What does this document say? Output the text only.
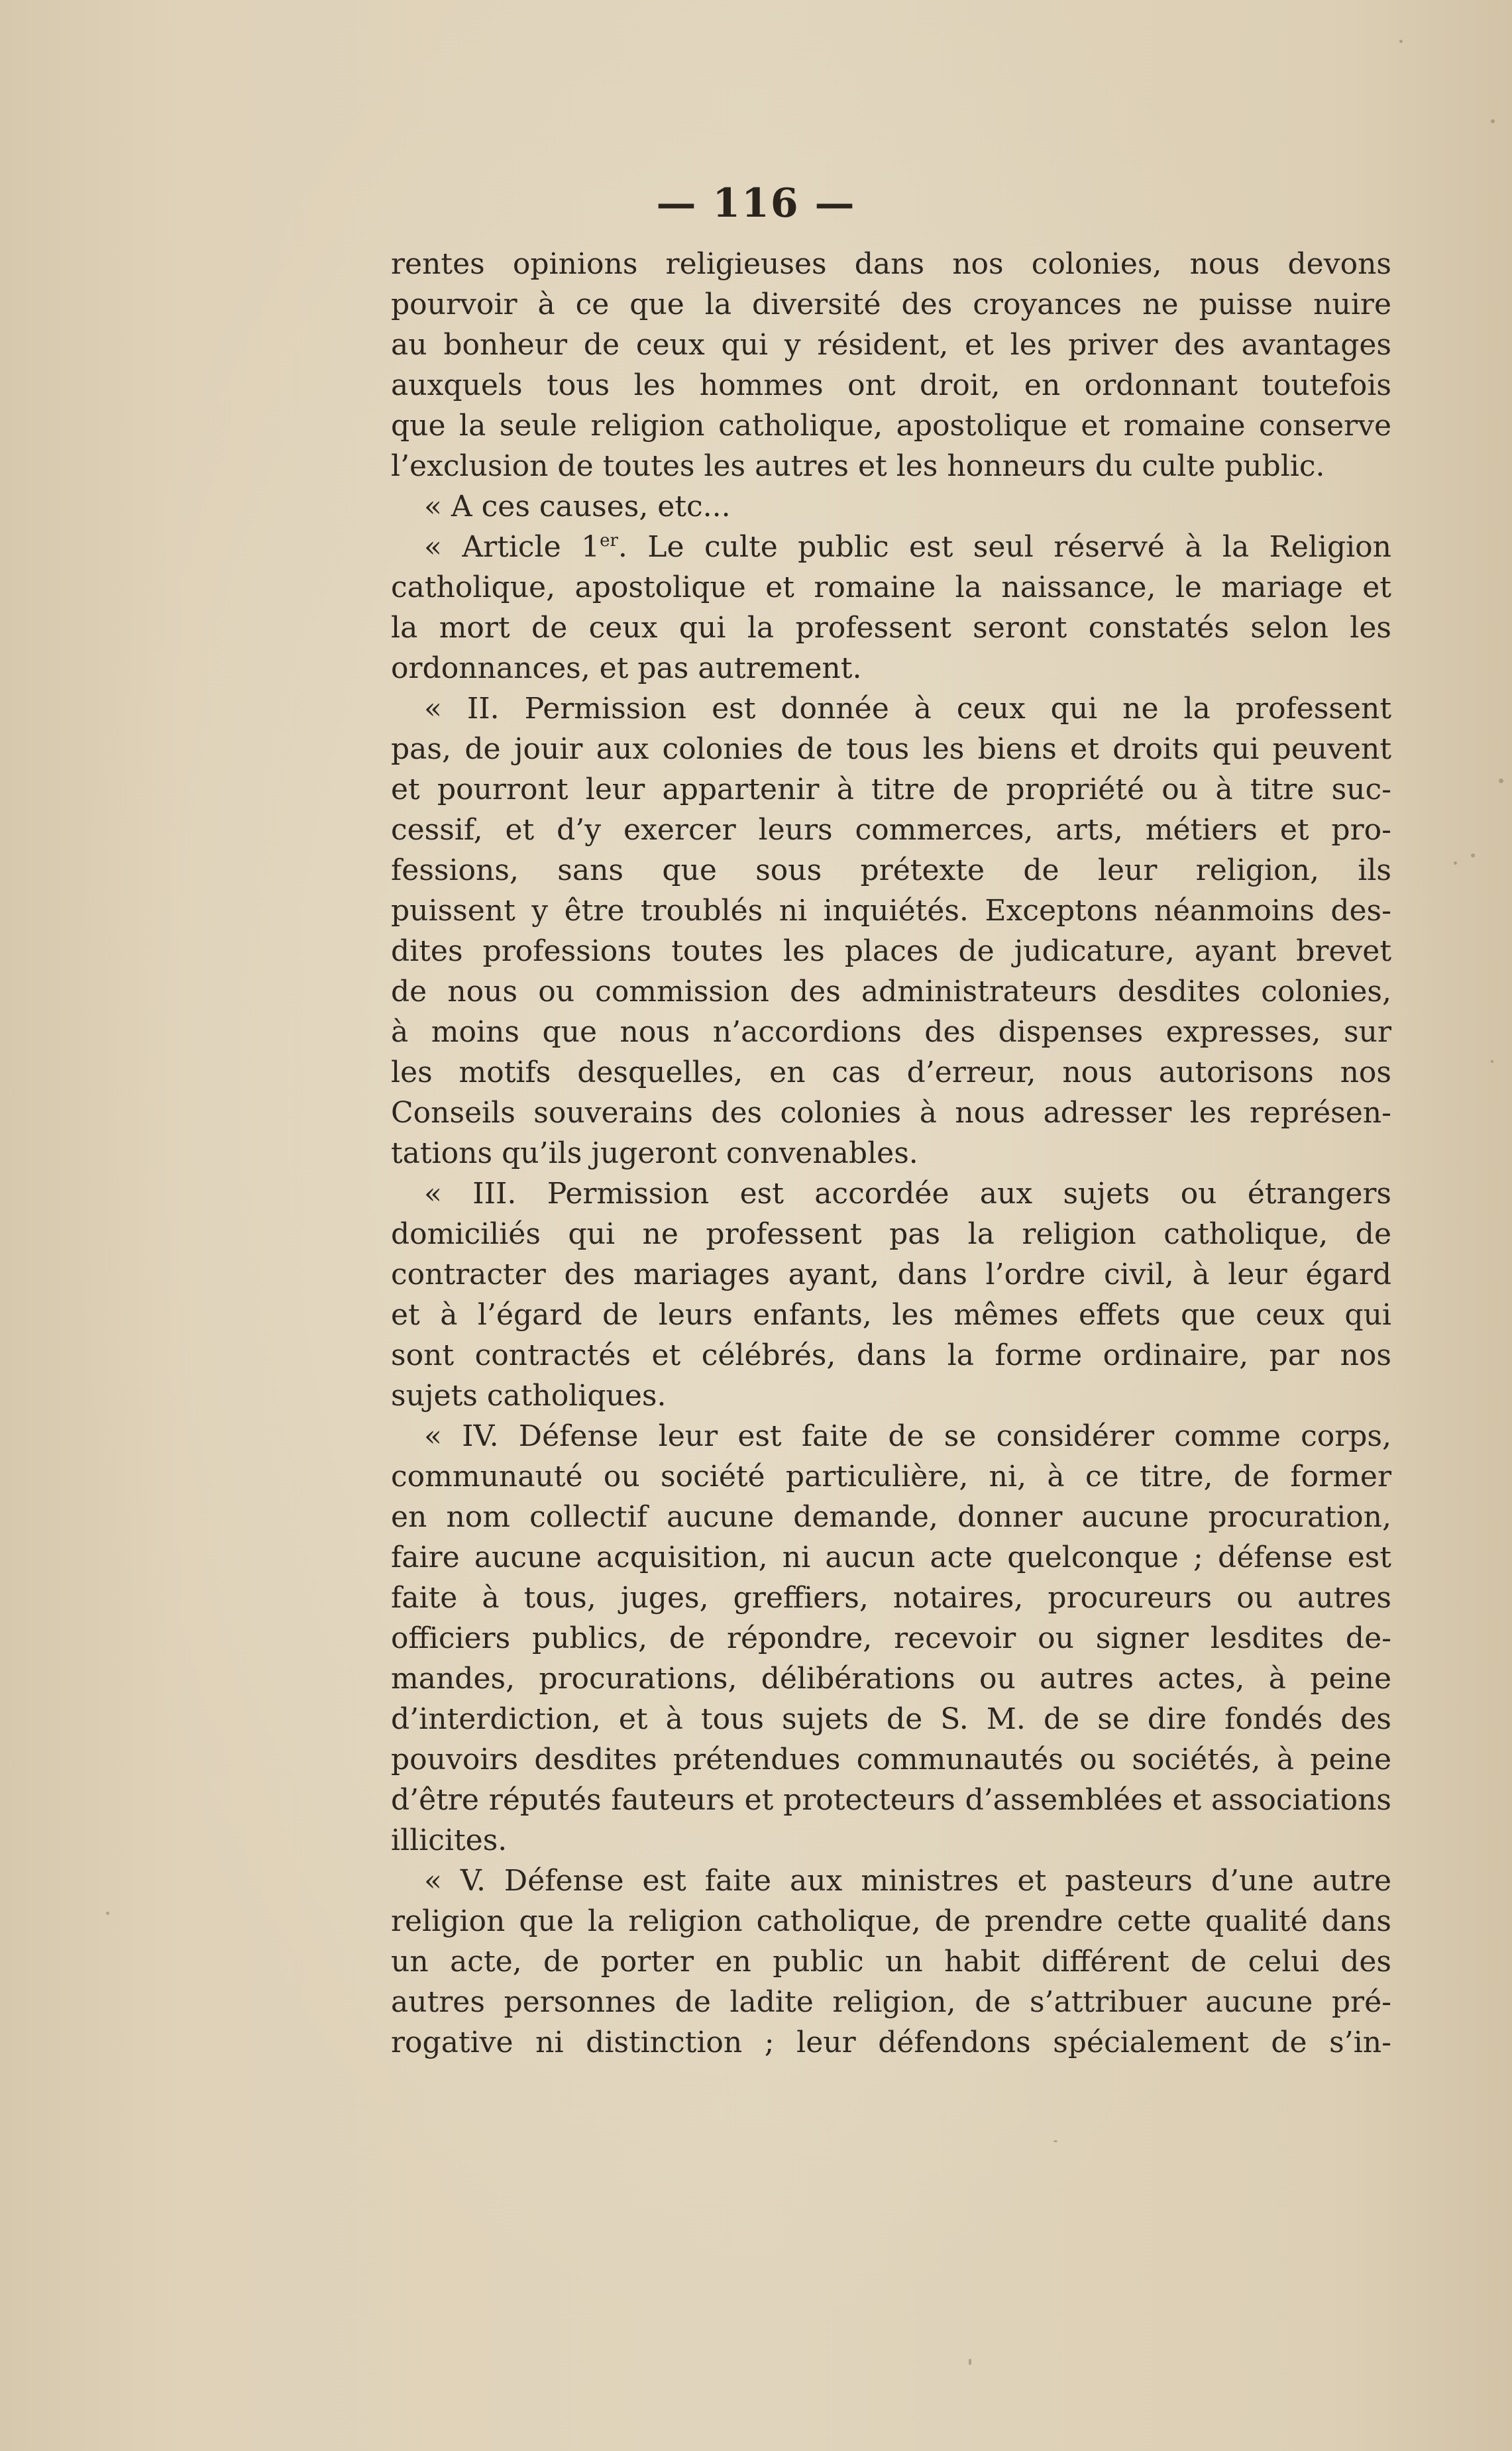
— 116 —
rentes opinions religieuses dans nos colonies, nous devons
pourvoir à ce que la diversité des croyances ne puisse nuire
au bonheur de ceux qui y résident, et les priver des avantages
auxquels tous les hommes ont droit, en ordonnant toutefois
que la seule religion catholique, apostolique et romaine conserve
l’exclusion de toutes les autres et les honneurs du culte public.
« A ces causes, etc...
« Article 1er. Le culte public est seul réservé à la Religion
catholique, apostolique et romaine la naissance, le mariage et
la mort de ceux qui la professent seront constatés selon les
ordonnances, et pas autrement.
« II. Permission est donnée à ceux qui ne la professent
pas, de jouir aux colonies de tous les biens et droits qui peuvent
et pourront leur appartenir à titre de propriété ou à titre suc-
cessif, et d’y exercer leurs commerces, arts, métiers et pro-
fessions, sans que sous prétexte de leur religion, ils
puissent y être troublés ni inquiétés. Exceptons néanmoins des-
dites professions toutes les places de judicature, ayant brevet
de nous ou commission des administrateurs desdites colonies,
à moins que nous n’accordions des dispenses expresses, sur
les motifs desquelles, en cas d’erreur, nous autorisons nos
Conseils souverains des colonies à nous adresser les représen-
tations qu’ils jugeront convenables.
« III. Permission est accordée aux sujets ou étrangers
domiciliés qui ne professent pas la religion catholique, de
contracter des mariages ayant, dans l’ordre civil, à leur égard
et à l’égard de leurs enfants, les mêmes effets que ceux qui
sont contractés et célébrés, dans la forme ordinaire, par nos
sujets catholiques.
« IV. Défense leur est faite de se considérer comme corps,
communauté ou société particulière, ni, à ce titre, de former
en nom collectif aucune demande, donner aucune procuration,
faire aucune acquisition, ni aucun acte quelconque ; défense est
faite à tous, juges, greffiers, notaires, procureurs ou autres
officiers publics, de répondre, recevoir ou signer lesdites de-
mandes, procurations, délibérations ou autres actes, à peine
d’interdiction, et à tous sujets de S. M. de se dire fondés des
pouvoirs desdites prétendues communautés ou sociétés, à peine
d’être réputés fauteurs et protecteurs d’assemblées et associations
illicites.
« V. Défense est faite aux ministres et pasteurs d’une autre
religion que la religion catholique, de prendre cette qualité dans
un acte, de porter en public un habit différent de celui des
autres personnes de ladite religion, de s’attribuer aucune pré-
rogative ni distinction ; leur défendons spécialement de s’in-
